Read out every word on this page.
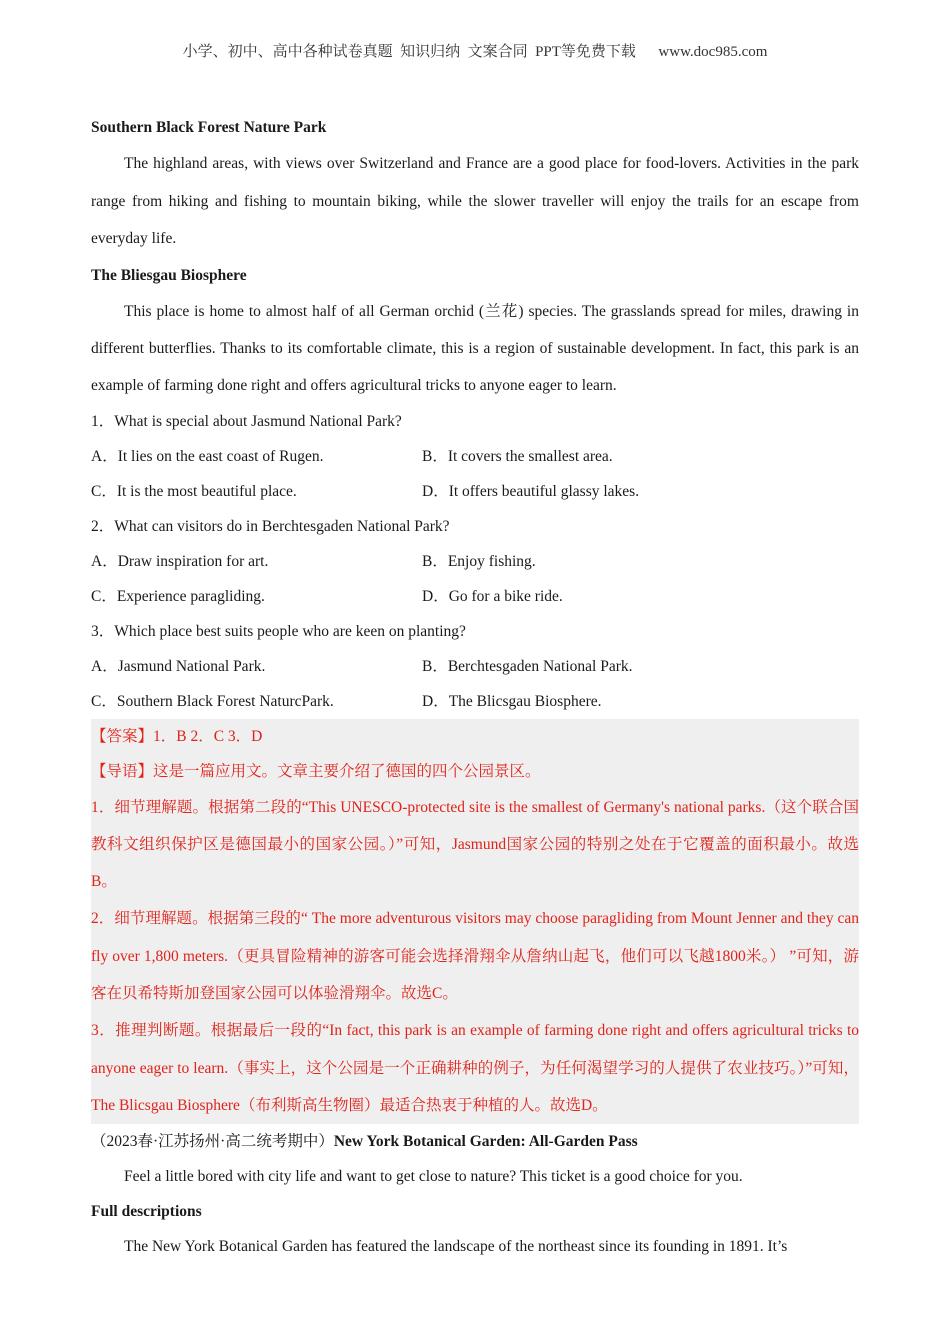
小学、初中、高中各种试卷真题  知识归纳  文案合同  PPT等免费下载      www.doc985.com
Southern Black Forest Nature Park

The highland areas, with views over Switzerland and France are a good place for food-lovers. Activities in the park range from hiking and fishing to mountain biking, while the slower traveller will enjoy the trails for an escape from everyday life.

The Bliesgau Biosphere

This place is home to almost half of all German orchid (兰花) species. The grasslands spread for miles, drawing in different butterflies. Thanks to its comfortable climate, this is a region of sustainable development. In fact, this park is an example of farming done right and offers agricultural tricks to anyone eager to learn.

1．What is special about Jasmund National Park?
A．It lies on the east coast of Rugen.	B．It covers the smallest area.
C．It is the most beautiful place.	D．It offers beautiful glassy lakes.
2．What can visitors do in Berchtesgaden National Park?
A．Draw inspiration for art.	B．Enjoy fishing.
C．Experience paragliding.	D．Go for a bike ride.
3．Which place best suits people who are keen on planting?
A．Jasmund National Park.	B．Berchtesgaden National Park.
C．Southern Black Forest NaturcPark.	D．The Blicsgau Biosphere.
【答案】1．B 2．C 3．D
【导语】这是一篇应用文。文章主要介绍了德国的四个公园景区。

1．细节理解题。根据第二段的“This UNESCO-protected site is the smallest of Germany's national parks.（这个联合国教科文组织保护区是德国最小的国家公园。）”可知，Jasmund国家公园的特别之处在于它覆盖的面积最小。故选B。

2．细节理解题。根据第三段的“ The more adventurous visitors may choose paragliding from Mount Jenner and they can fly over 1,800 meters.（更具冒险精神的游客可能会选择滑翔伞从詹纳山起飞，他们可以飞越1800米。） ”可知，游客在贝希特斯加登国家公园可以体验滑翔伞。故选C。

3．推理判断题。根据最后一段的“In fact, this park is an example of farming done right and offers agricultural tricks to anyone eager to learn.（事实上，这个公园是一个正确耕种的例子，为任何渴望学习的人提供了农业技巧。）”可知，The Blicsgau Biosphere（布利斯高生物圈）最适合热衷于种植的人。故选D。

（2023春·江苏扬州·高二统考期中）New York Botanical Garden: All-Garden Pass

Feel a little bored with city life and want to get close to nature? This ticket is a good choice for you.

Full descriptions

The New York Botanical Garden has featured the landscape of the northeast since its founding in 1891. It’s
